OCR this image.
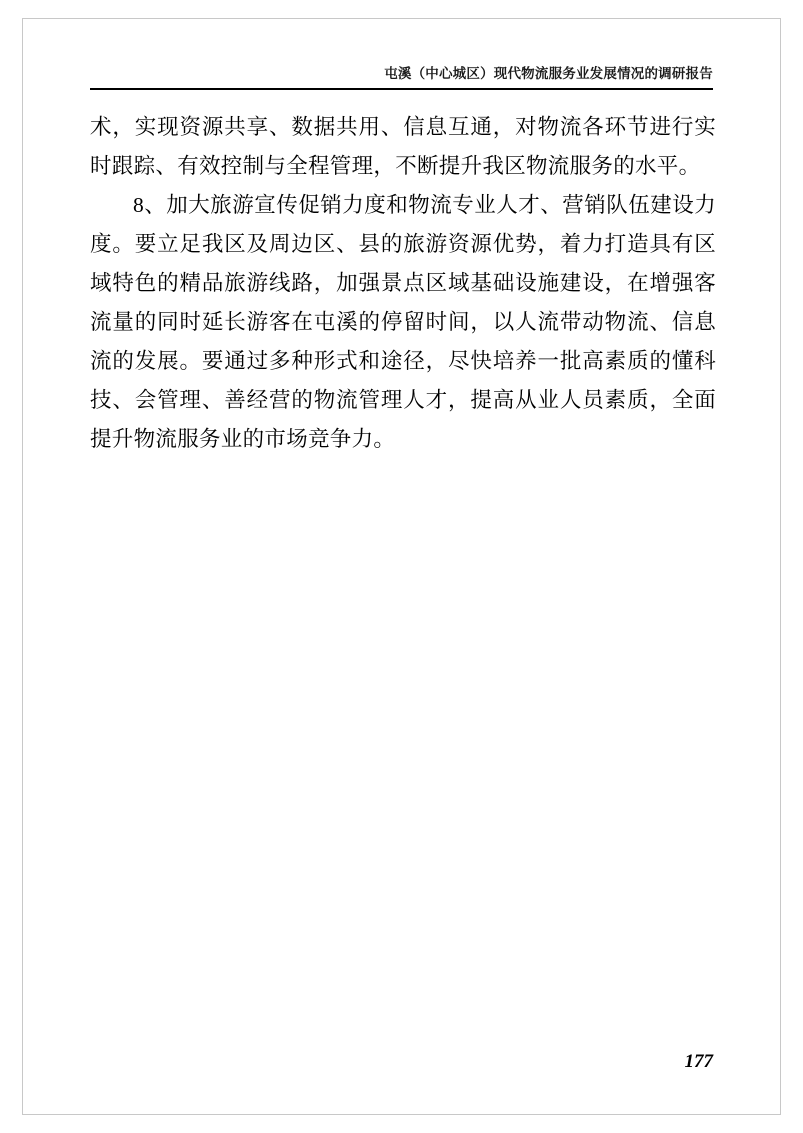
屯溪（中心城区）现代物流服务业发展情况的调研报告

术，实现资源共享、数据共用、信息互通，对物流各环节进行实时跟踪、有效控制与全程管理，不断提升我区物流服务的水平。

8、加大旅游宣传促销力度和物流专业人才、营销队伍建设力度。要立足我区及周边区、县的旅游资源优势，着力打造具有区域特色的精品旅游线路，加强景点区域基础设施建设，在增强客流量的同时延长游客在屯溪的停留时间，以人流带动物流、信息流的发展。要通过多种形式和途径，尽快培养一批高素质的懂科技、会管理、善经营的物流管理人才，提高从业人员素质，全面提升物流服务业的市场竞争力。

177
